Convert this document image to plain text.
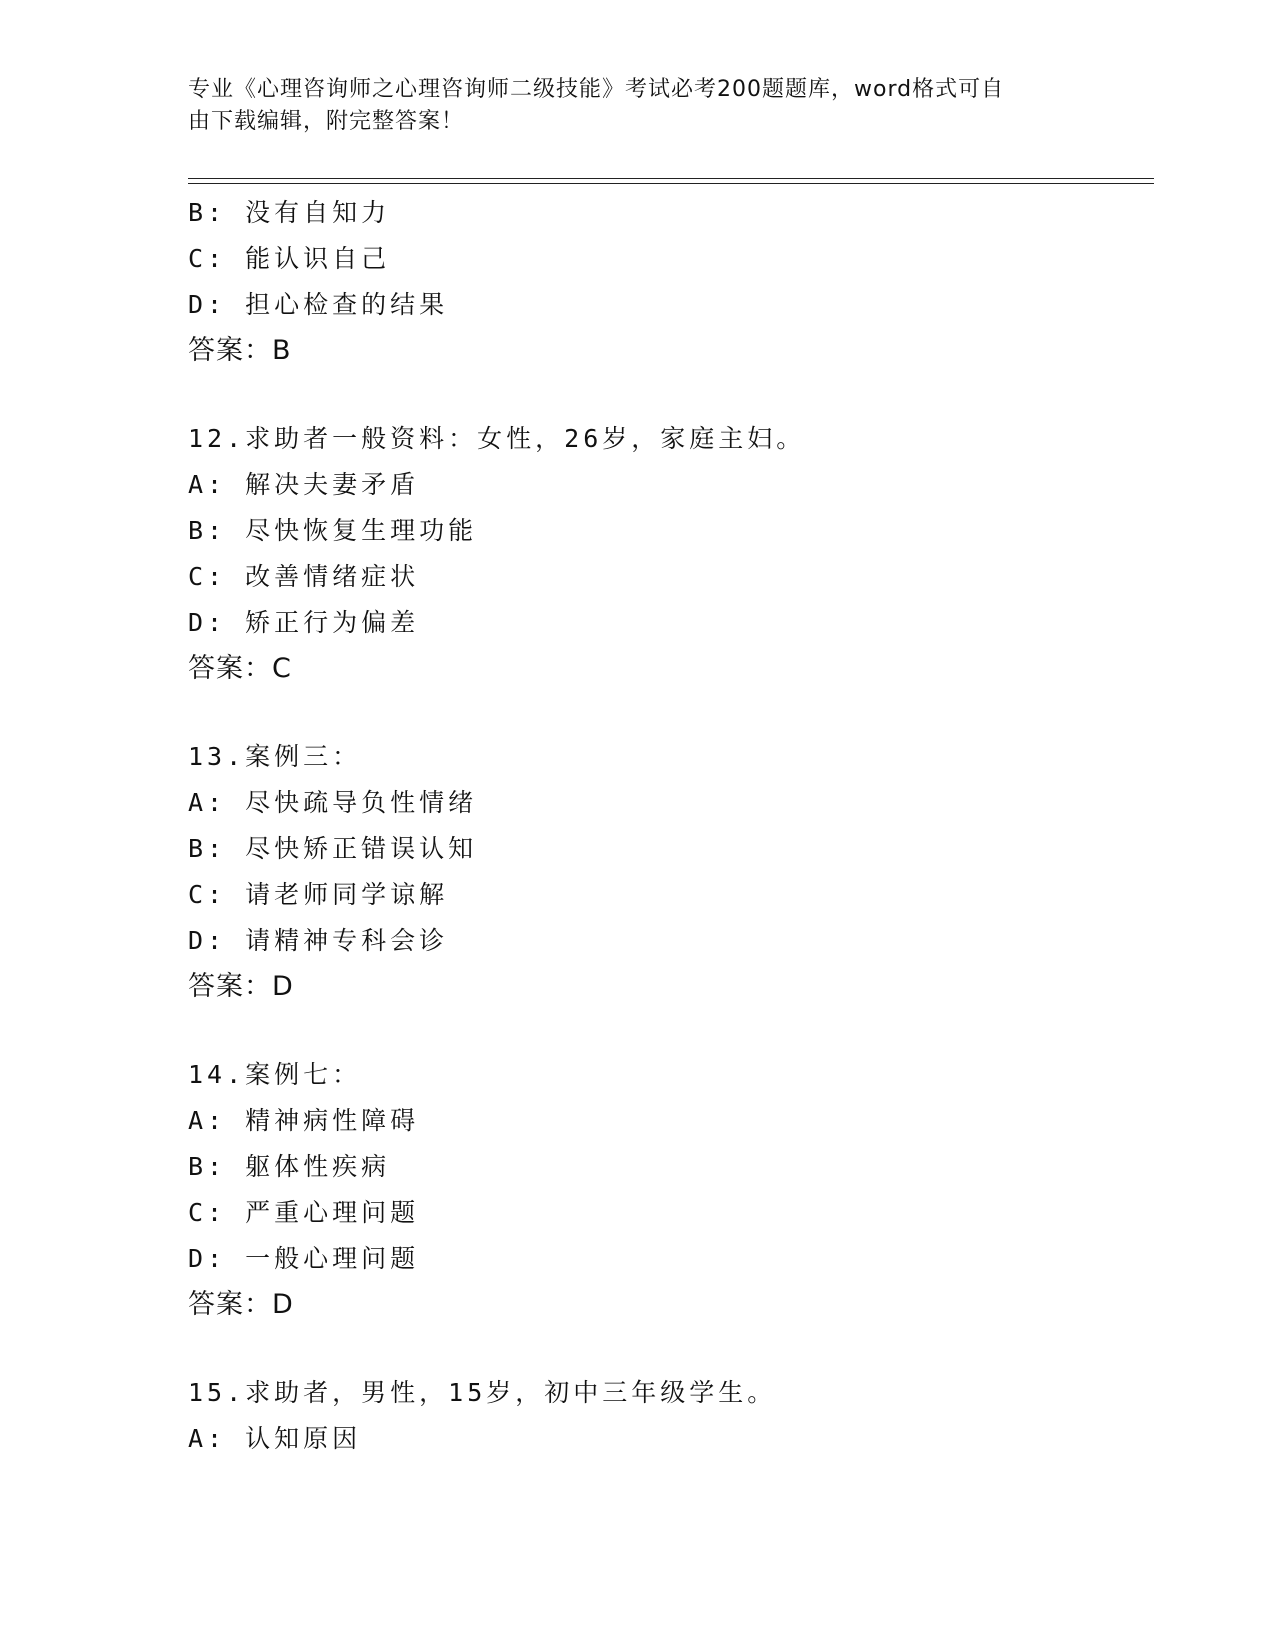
专业《心理咨询师之心理咨询师二级技能》考试必考200题题库，word格式可自
由下载编辑，附完整答案！
B: 没有自知力
C: 能认识自己
D: 担心检查的结果
答案：B
12.求助者一般资料：女性，26岁，家庭主妇。
A: 解决夫妻矛盾
B: 尽快恢复生理功能
C: 改善情绪症状
D: 矫正行为偏差
答案：C
13.案例三：
A: 尽快疏导负性情绪
B: 尽快矫正错误认知
C: 请老师同学谅解
D: 请精神专科会诊
答案：D
14.案例七：
A: 精神病性障碍
B: 躯体性疾病
C: 严重心理问题
D: 一般心理问题
答案：D
15.求助者，男性，15岁，初中三年级学生。
A: 认知原因
